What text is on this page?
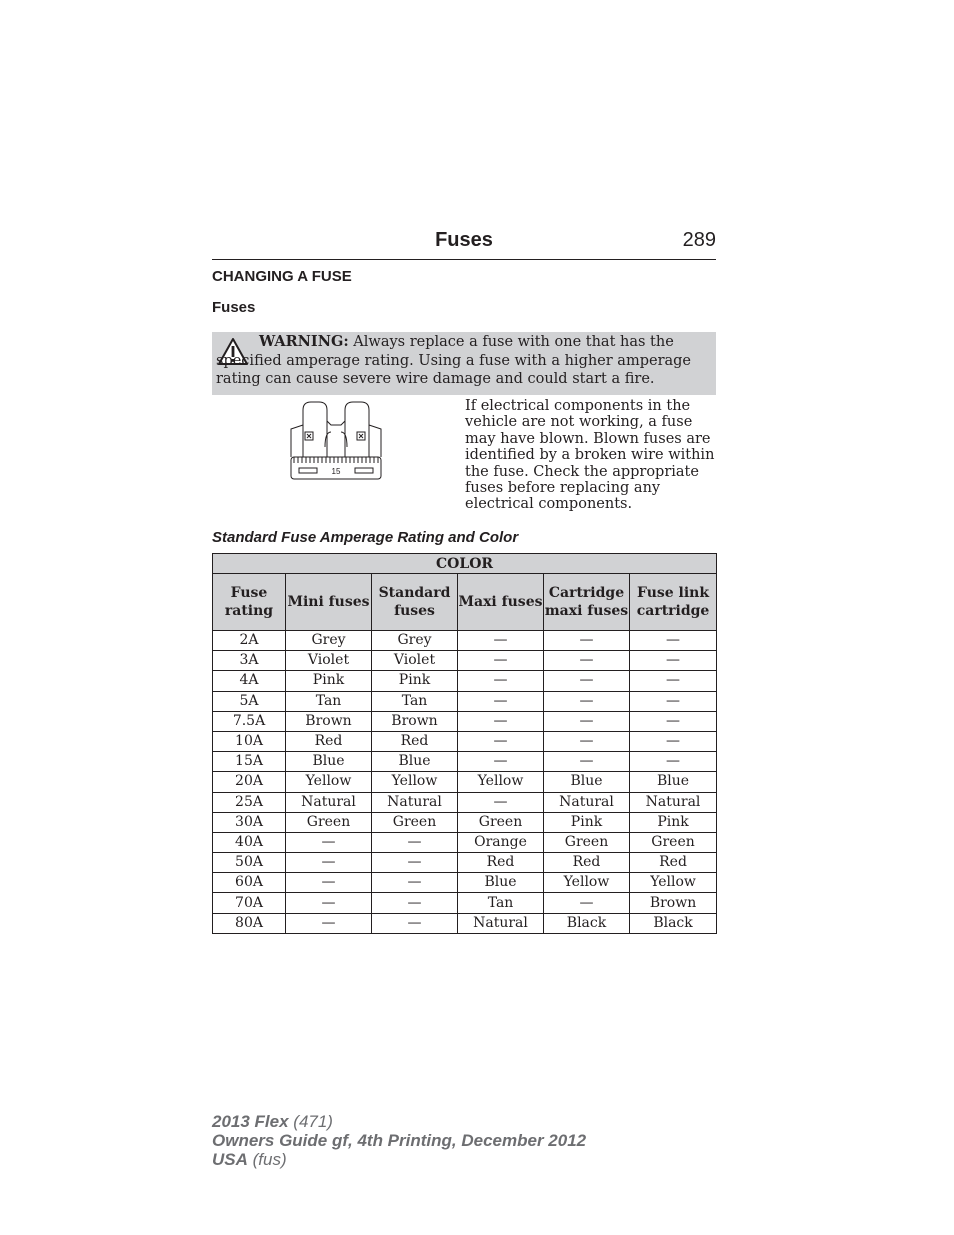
Fuses	289
CHANGING A FUSE
Fuses
WARNING: Always replace a fuse with one that has the specified amperage rating. Using a fuse with a higher amperage rating can cause severe wire damage and could start a fire.
15
If electrical components in the vehicle are not working, a fuse may have blown. Blown fuses are identified by a broken wire within the fuse. Check the appropriate fuses before replacing any electrical components.
Standard Fuse Amperage Rating and Color
COLOR					
Fuse rating	Mini fuses	Standard fuses	Maxi fuses	Cartridge maxi fuses	Fuse link cartridge
2A	Grey	Grey	—	—	—
3A	Violet	Violet	—	—	—
4A	Pink	Pink	—	—	—
5A	Tan	Tan	—	—	—
7.5A	Brown	Brown	—	—	—
10A	Red	Red	—	—	—
15A	Blue	Blue	—	—	—
20A	Yellow	Yellow	Yellow	Blue	Blue
25A	Natural	Natural	—	Natural	Natural
30A	Green	Green	Green	Pink	Pink
40A	—	—	Orange	Green	Green
50A	—	—	Red	Red	Red
60A	—	—	Blue	Yellow	Yellow
70A	—	—	Tan	—	Brown
80A	—	—	Natural	Black	Black
2013 Flex (471)
Owners Guide gf, 4th Printing, December 2012
USA (fus)
